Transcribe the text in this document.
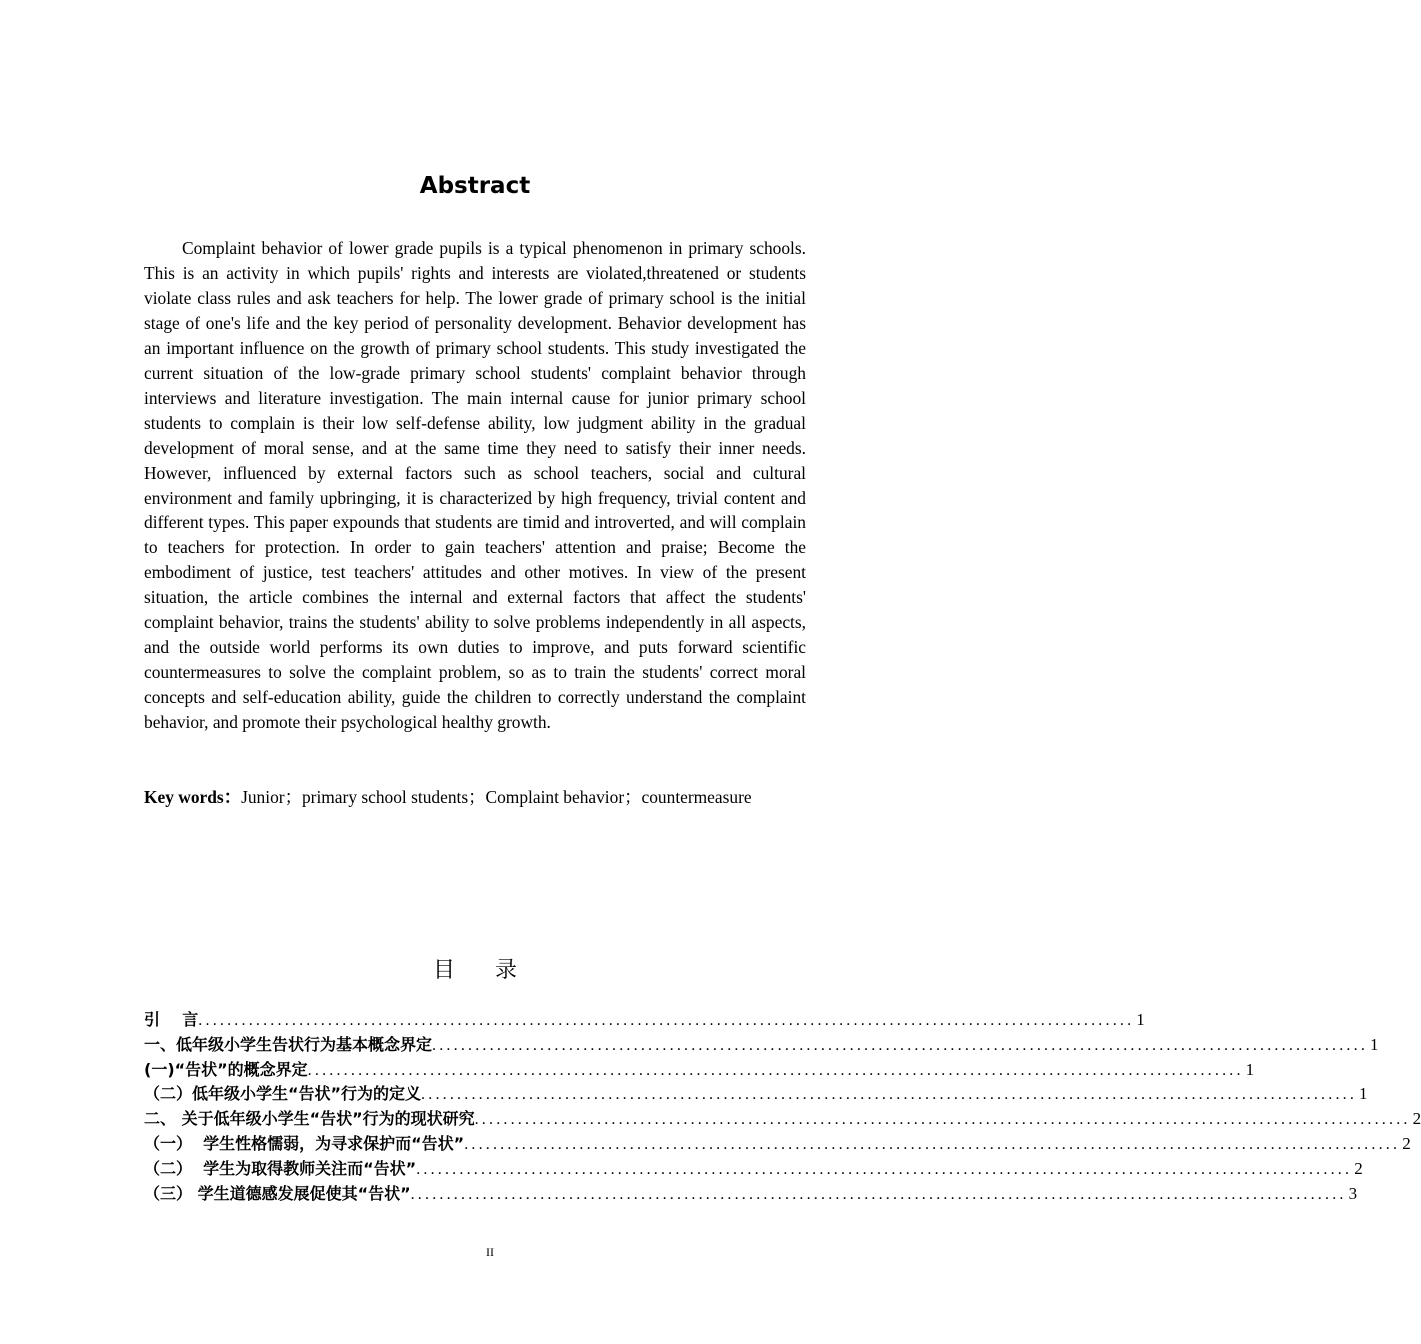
Abstract

Complaint behavior of lower grade pupils is a typical phenomenon in primary schools. This is an activity in which pupils' rights and interests are violated,threatened or students violate class rules and ask teachers for help. The lower grade of primary school is the initial stage of one's life and the key period of personality development. Behavior development has an important influence on the growth of primary school students. This study investigated the current situation of the low-grade primary school students' complaint behavior through interviews and literature investigation. The main internal cause for junior primary school students to complain is their low self-defense ability, low judgment ability in the gradual development of moral sense, and at the same time they need to satisfy their inner needs. However, influenced by external factors such as school teachers, social and cultural environment and family upbringing, it is characterized by high frequency, trivial content and different types. This paper expounds that students are timid and introverted, and will complain to teachers for protection. In order to gain teachers' attention and praise; Become the embodiment of justice, test teachers' attitudes and other motives. In view of the present situation, the article combines the internal and external factors that affect the students' complaint behavior, trains the students' ability to solve problems independently in all aspects, and the outside world performs its own duties to improve, and puts forward scientific countermeasures to solve the complaint problem, so as to train the students' correct moral concepts and self-education ability, guide the children to correctly understand the complaint behavior, and promote their psychological healthy growth.

Key words：Junior；primary school students；Complaint behavior；countermeasure
目录
引    言 .................................................................................................................................. 1
一、低年级小学生告状行为基本概念界定 .................................................................................................................................. 1
(一)“告状”的概念界定 .................................................................................................................................. 1
（二）低年级小学生“告状”行为的定义 .................................................................................................................................. 1
二、 关于低年级小学生“告状”行为的现状研究 .................................................................................................................................. 2
（一）  学生性格懦弱，为寻求保护而“告状” .................................................................................................................................. 2
（二）  学生为取得教师关注而“告状” .................................................................................................................................. 2
（三） 学生道德感发展促使其“告状” .................................................................................................................................. 3
II
